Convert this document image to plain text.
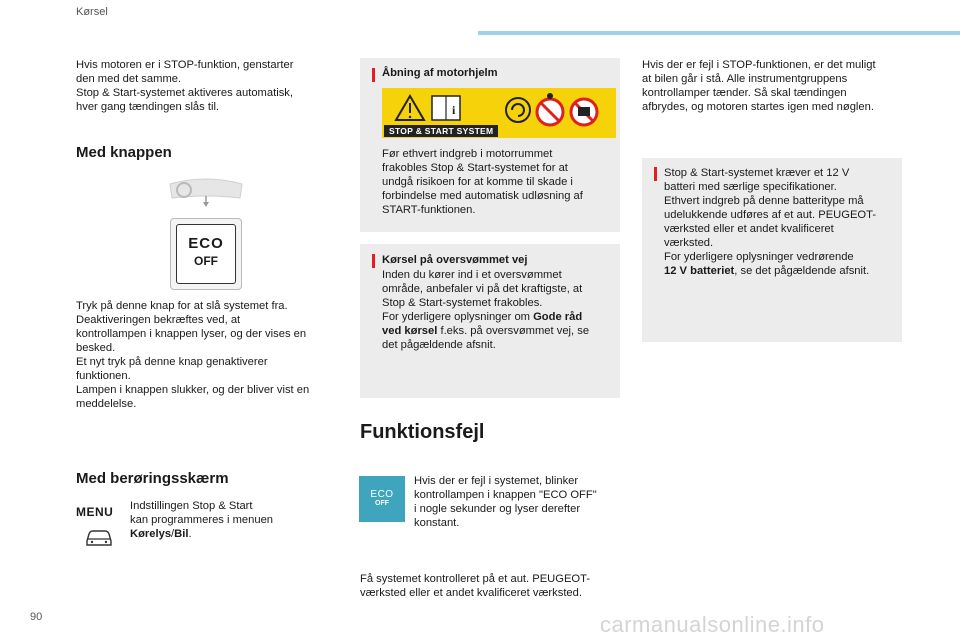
Kørsel
Hvis motoren er i STOP-funktion, genstarter
den med det samme.
Stop & Start-systemet aktiveres automatisk,
hver gang tændingen slås til.
Med knappen
ECO
OFF
Tryk på denne knap for at slå systemet fra.
Deaktiveringen bekræftes ved, at
kontrollampen i knappen lyser, og der vises en
besked.
Et nyt tryk på denne knap genaktiverer
funktionen.
Lampen i knappen slukker, og der bliver vist en
meddelelse.
Med berøringsskærm
MENU Indstillingen Stop & Start
kan programmeres i menuen
Kørelys/Bil.
Åbning af motorhjelm
i
STOP & START SYSTEM
Før ethvert indgreb i motorrummet
frakobles Stop & Start-systemet for at
undgå risikoen for at komme til skade i
forbindelse med automatisk udløsning af
START-funktionen.
Kørsel på oversvømmet vej
Inden du kører ind i et oversvømmet
område, anbefaler vi på det kraftigste, at
Stop & Start-systemet frakobles.
For yderligere oplysninger om Gode råd
ved kørsel f.eks. på oversvømmet vej, se
det pågældende afsnit.
Funktionsfejl
ECO
OFF
Hvis der er fejl i systemet, blinker
kontrollampen i knappen "ECO OFF"
i nogle sekunder og lyser derefter
konstant.
Få systemet kontrolleret på et aut. PEUGEOT-
værksted eller et andet kvalificeret værksted.
Hvis der er fejl i STOP-funktionen, er det muligt
at bilen går i stå. Alle instrumentgruppens
kontrollamper tænder. Så skal tændingen
afbrydes, og motoren startes igen med nøglen.
Stop & Start-systemet kræver et 12 V
batteri med særlige specifikationer.
Ethvert indgreb på denne batteritype må
udelukkende udføres af et aut. PEUGEOT-
værksted eller et andet kvalificeret
værksted.
For yderligere oplysninger vedrørende
12 V batteriet, se det pågældende afsnit.
90	carmanualsonline.info
